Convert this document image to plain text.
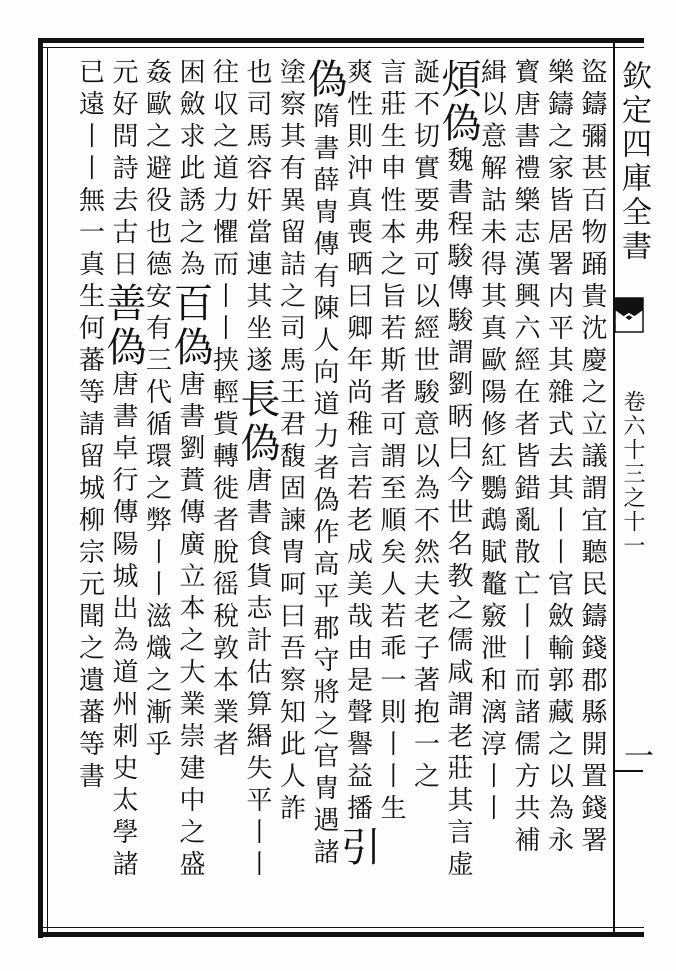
欽定四庫全書
卷六十三之十一
一
盜鑄彌甚百物踊貴沈慶之立議謂宜聽民鑄錢郡縣開置錢署
樂鑄之家皆居署内平其雜式去其丨丨官斂輸郭藏之以為永
寳唐書禮樂志漢興六經在者皆錯亂散亡丨丨而諸儒方共補
緝以意解詁未得其真歐陽修紅鸚鵡賦鼇竅泄和漓淳丨丨
煩偽魏書程駿傳駿謂劉昞曰今世名教之儒咸謂老莊其言虚
誕不切實要弗可以經世駿意以為不然夫老子著抱一之
言莊生申性本之旨若斯者可謂至順矣人若乖一則丨丨生
爽性則沖真喪晒曰卿年尚稚言若老成美哉由是聲譽益播引
偽隋書薛冑傳有陳人向道力者偽作高平郡守將之官冑遇諸
塗察其有異留詰之司馬王君馥固諫冑呵曰吾察知此人詐
也司馬容奸當連其坐遂長偽唐書食貨志計估算緡失平丨丨
往収之道力懼而丨丨挟輕貲轉徙者脫徭稅敦本業者
困斂求此誘之為百偽唐書劉蕡傳廣立本之大業崇建中之盛
姦歐之避役也德安有三代循環之弊丨丨滋熾之漸乎
元好問詩去古日善偽唐書卓行傳陽城出為道州刺史太學諸
已遠丨丨無一真生何蕃等請留城柳宗元聞之遺蕃等書
